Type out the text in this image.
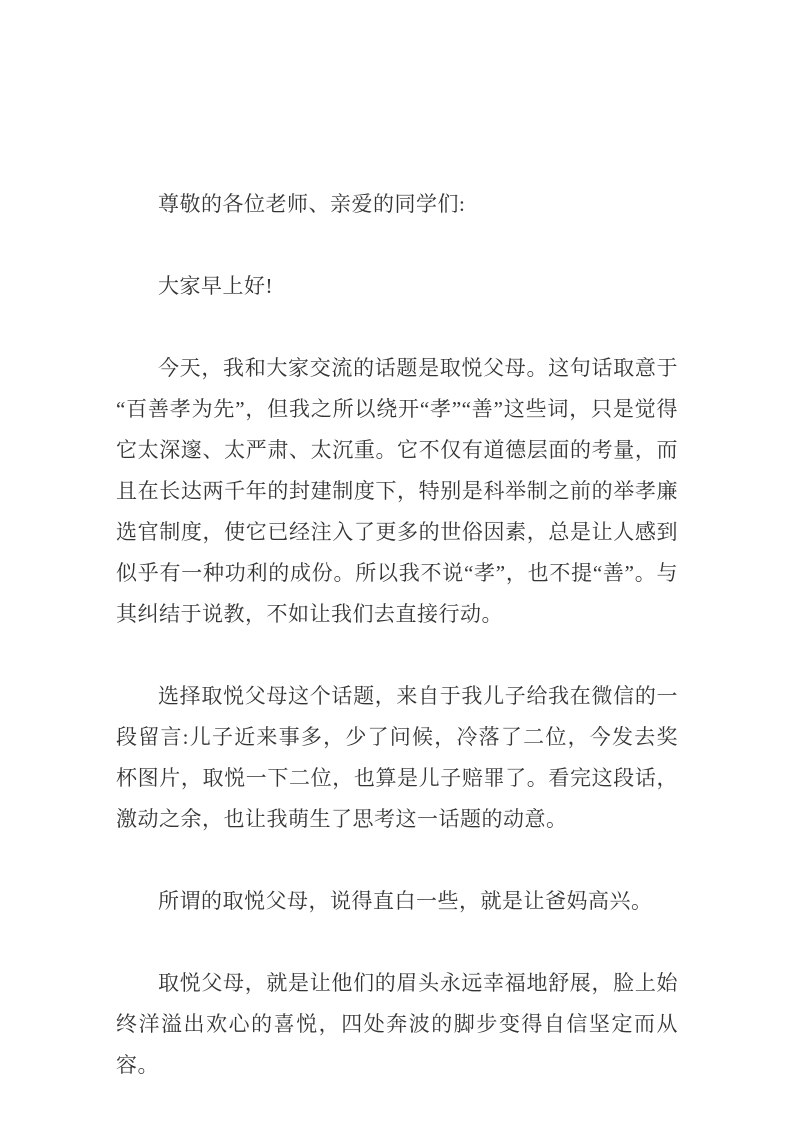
尊敬的各位老师、亲爱的同学们:

大家早上好!

今天，我和大家交流的话题是取悦父母。这句话取意于“百善孝为先”，但我之所以绕开“孝”“善”这些词，只是觉得它太深邃、太严肃、太沉重。它不仅有道德层面的考量，而且在长达两千年的封建制度下，特别是科举制之前的举孝廉选官制度，使它已经注入了更多的世俗因素，总是让人感到似乎有一种功利的成份。所以我不说“孝”，也不提“善”。与其纠结于说教，不如让我们去直接行动。

选择取悦父母这个话题，来自于我儿子给我在微信的一段留言:儿子近来事多，少了问候，冷落了二位，今发去奖杯图片，取悦一下二位，也算是儿子赔罪了。看完这段话，激动之余，也让我萌生了思考这一话题的动意。

所谓的取悦父母，说得直白一些，就是让爸妈高兴。

取悦父母，就是让他们的眉头永远幸福地舒展，脸上始终洋溢出欢心的喜悦，四处奔波的脚步变得自信坚定而从容。
